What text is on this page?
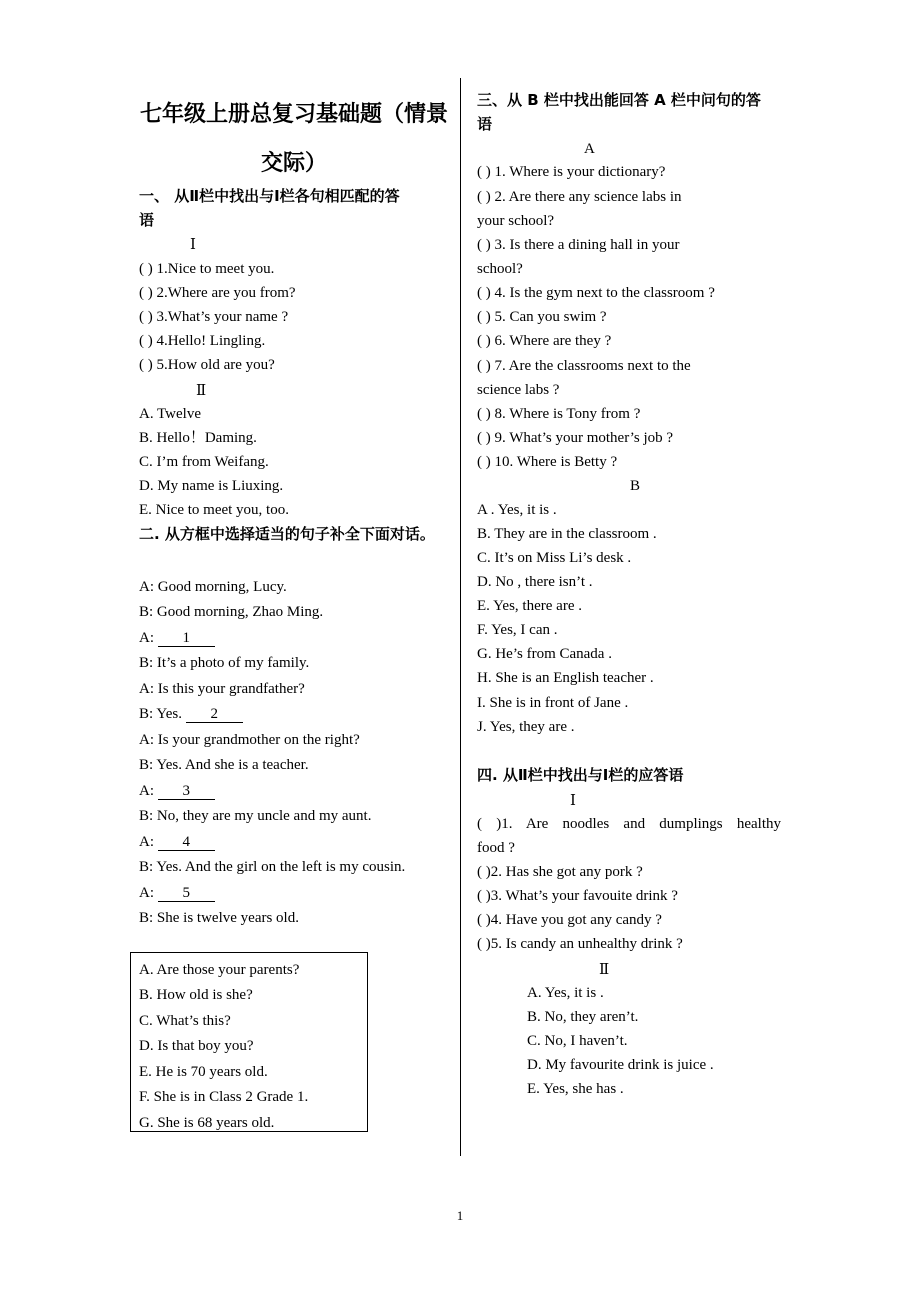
七年级上册总复习基础题（情景
交际）
一、 从Ⅱ栏中找出与Ⅰ栏各句相匹配的答
语
Ⅰ
( ) 1.Nice to meet you.
( ) 2.Where are you from?
( ) 3.What’s your name ?
( ) 4.Hello! Lingling.
( ) 5.How old are you?
Ⅱ
A. Twelve
B. Hello！Daming.
C. I’m from Weifang.
D. My name is Liuxing.
E. Nice to meet you, too.
二. 从方框中选择适当的句子补全下面对话。
A: Good morning, Lucy.
B: Good morning, Zhao Ming.
A: 1
B: It’s a photo of my family.
A: Is this your grandfather?
B: Yes. 2
A: Is your grandmother on the right?
B: Yes. And she is a teacher.
A: 3
B: No, they are my uncle and my aunt.
A: 4
B: Yes. And the girl on the left is my cousin.
A: 5
B: She is twelve years old.
A. Are those your parents?
B. How old is she?
C. What’s this?
D. Is that boy you?
E. He is 70 years old.
F. She is in Class 2 Grade 1.
G. She is 68 years old.
三、从 B 栏中找出能回答 A 栏中问句的答
语
A
( ) 1. Where is your dictionary?
( ) 2. Are there any science labs in
your school?
( ) 3. Is there a dining hall in your
school?
( ) 4. Is the gym next to the classroom ?
( ) 5. Can you swim ?
( ) 6. Where are they ?
( ) 7. Are the classrooms next to the
science labs ?
( ) 8. Where is Tony from ?
( ) 9. What’s your mother’s job ?
( ) 10. Where is Betty ?
B
A . Yes, it is .
B. They are in the classroom .
C. It’s on Miss Li’s desk .
D. No , there isn’t .
E. Yes, there are .
F. Yes, I can .
G. He’s from Canada .
H. She is an English teacher .
I. She is in front of Jane .
J. Yes, they are .
四. 从Ⅱ栏中找出与Ⅰ栏的应答语
Ⅰ
( )1. Are noodles and dumplings healthy
food ?
( )2. Has she got any pork ?
( )3. What’s your favouite drink ?
( )4. Have you got any candy ?
( )5. Is candy an unhealthy drink ?
Ⅱ
A. Yes, it is .
B. No, they aren’t.
C. No, I haven’t.
D. My favourite drink is juice .
E. Yes, she has .
1
